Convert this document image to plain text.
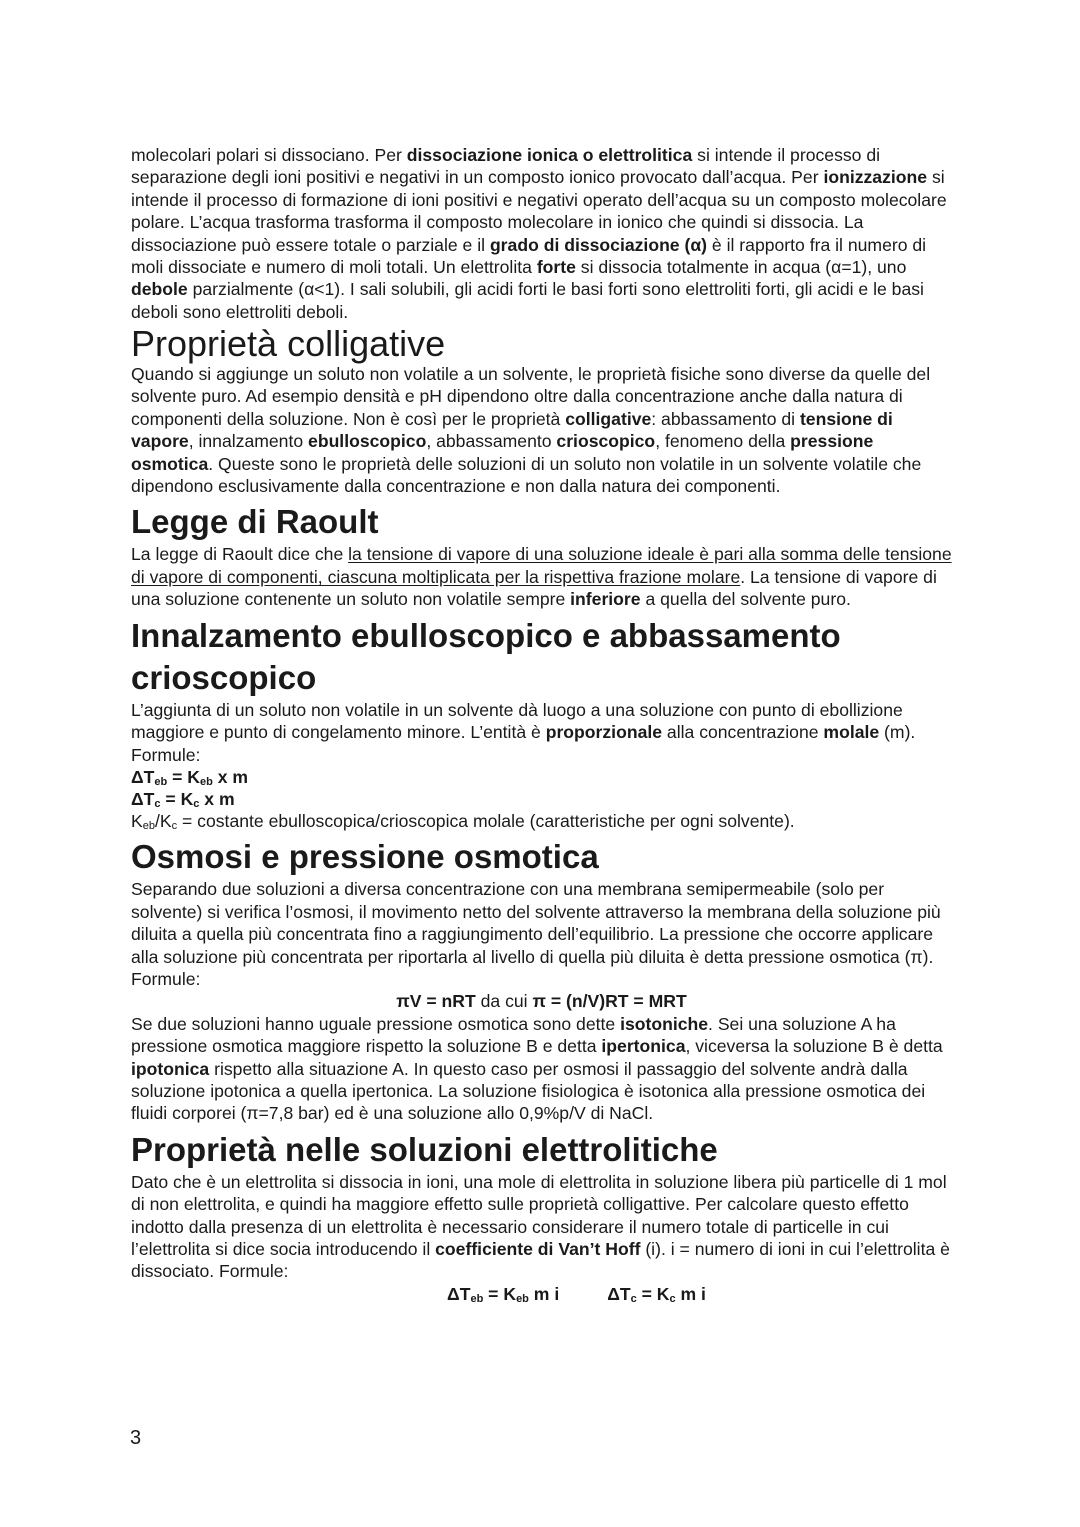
molecolari polari si dissociano. Per dissociazione ionica o elettrolitica si intende il processo di separazione degli ioni positivi e negativi in un composto ionico provocato dall’acqua. Per ionizzazione si intende il processo di formazione di ioni positivi e negativi operato dell’acqua su un composto molecolare polare. L’acqua trasforma trasforma il composto molecolare in ionico che quindi si dissocia. La dissociazione può essere totale o parziale e il grado di dissociazione (α) è il rapporto fra il numero di moli dissociate e numero di moli totali. Un elettrolita forte si dissocia totalmente in acqua (α=1), uno debole parzialmente (α<1). I sali solubili, gli acidi forti le basi forti sono elettroliti forti, gli acidi e le basi deboli sono elettroliti deboli.

Proprietà colligative

Quando si aggiunge un soluto non volatile a un solvente, le proprietà fisiche sono diverse da quelle del solvente puro. Ad esempio densità e pH dipendono oltre dalla concentrazione anche dalla natura di componenti della soluzione. Non è così per le proprietà colligative: abbassamento di tensione di vapore, innalzamento ebulloscopico, abbassamento crioscopico, fenomeno della pressione osmotica. Queste sono le proprietà delle soluzioni di un soluto non volatile in un solvente volatile che dipendono esclusivamente dalla concentrazione e non dalla natura dei componenti.

Legge di Raoult

La legge di Raoult dice che la tensione di vapore di una soluzione ideale è pari alla somma delle tensione di vapore di componenti, ciascuna moltiplicata per la rispettiva frazione molare. La tensione di vapore di una soluzione contenente un soluto non volatile sempre inferiore a quella del solvente puro.

Innalzamento ebulloscopico e abbassamento crioscopico

L’aggiunta di un soluto non volatile in un solvente dà luogo a una soluzione con punto di ebollizione maggiore e punto di congelamento minore. L’entità è proporzionale alla concentrazione molale (m). Formule:

$\Delta T_{eb} = K_{eb}$ x m
$\Delta T_c = K_c$ x m

$K_{eb}/K_c$ = costante ebulloscopica/crioscopica molale (caratteristiche per ogni solvente).

Osmosi e pressione osmotica

Separando due soluzioni a diversa concentrazione con una membrana semipermeabile (solo per solvente) si verifica l’osmosi, il movimento netto del solvente attraverso la membrana della soluzione più diluita a quella più concentrata fino a raggiungimento dell’equilibrio. La pressione che occorre applicare alla soluzione più concentrata per riportarla al livello di quella più diluita è detta pressione osmotica (π). Formule:

πV = nRT da cui π = (n/V)RT = MRT

Se due soluzioni hanno uguale pressione osmotica sono dette isotoniche. Sei una soluzione A ha pressione osmotica maggiore rispetto la soluzione B e detta ipertonica, viceversa la soluzione B è detta ipotonica rispetto alla situazione A. In questo caso per osmosi il passaggio del solvente andrà dalla soluzione ipotonica a quella ipertonica. La soluzione fisiologica è isotonica alla pressione osmotica dei fluidi corporei (π=7,8 bar) ed è una soluzione allo 0,9%p/V di NaCl.

Proprietà nelle soluzioni elettrolitiche

Dato che è un elettrolita si dissocia in ioni, una mole di elettrolita in soluzione libera più particelle di 1 mol di non elettrolita, e quindi ha maggiore effetto sulle proprietà colligattive. Per calcolare questo effetto indotto dalla presenza di un elettrolita è necessario considerare il numero totale di particelle in cui l’elettrolita si dice socia introducendo il coefficiente di Van’t Hoff (i). i = numero di ioni in cui l’elettrolita è dissociato. Formule:

$\Delta T_{eb} = K_{eb}$ m i	$\Delta T_c = K_c$ m i
3
